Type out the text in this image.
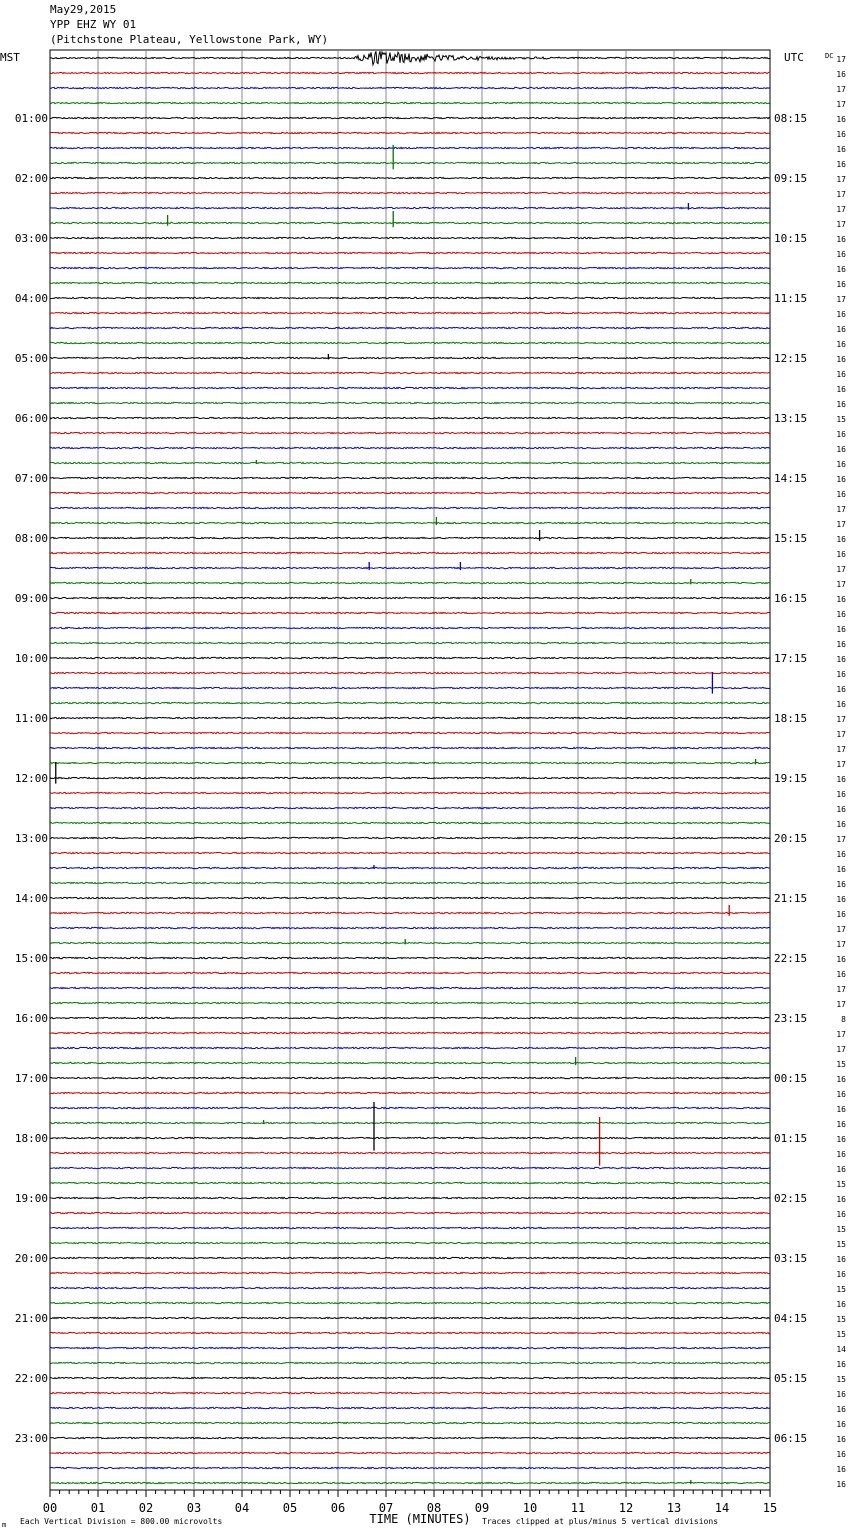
May29,2015
YPP EHZ WY 01
(Pitchstone Plateau, Yellowstone Park, WY)
17
16
17
17
16
16
16
16
17
17
17
17
16
16
16
16
17
16
16
16
16
16
16
16
15
16
16
16
16
16
17
17
16
16
17
17
16
16
16
16
16
16
16
16
17
17
17
17
16
16
16
16
17
16
16
16
16
16
17
17
16
16
17
17
8
17
17
15
16
16
16
16
16
16
16
15
16
16
15
15
16
16
15
16
15
15
14
16
15
16
16
16
16
16
16
16
01:00
02:00
03:00
04:00
05:00
06:00
07:00
08:00
09:00
10:00
11:00
12:00
13:00
14:00
15:00
16:00
17:00
18:00
19:00
20:00
21:00
22:00
23:00
08:15
09:15
10:15
11:15
12:15
13:15
14:15
15:15
16:15
17:15
18:15
19:15
20:15
21:15
22:15
23:15
00:15
01:15
02:15
03:15
04:15
05:15
06:15
MST	UTC	DC
00	01	02	03	04	05	06	07	08	09	10	11	12	13	14	15
TIME (MINUTES)
Each Vertical Division = 800.00 microvolts
m	Traces clipped at plus/minus 5 vertical divisions
